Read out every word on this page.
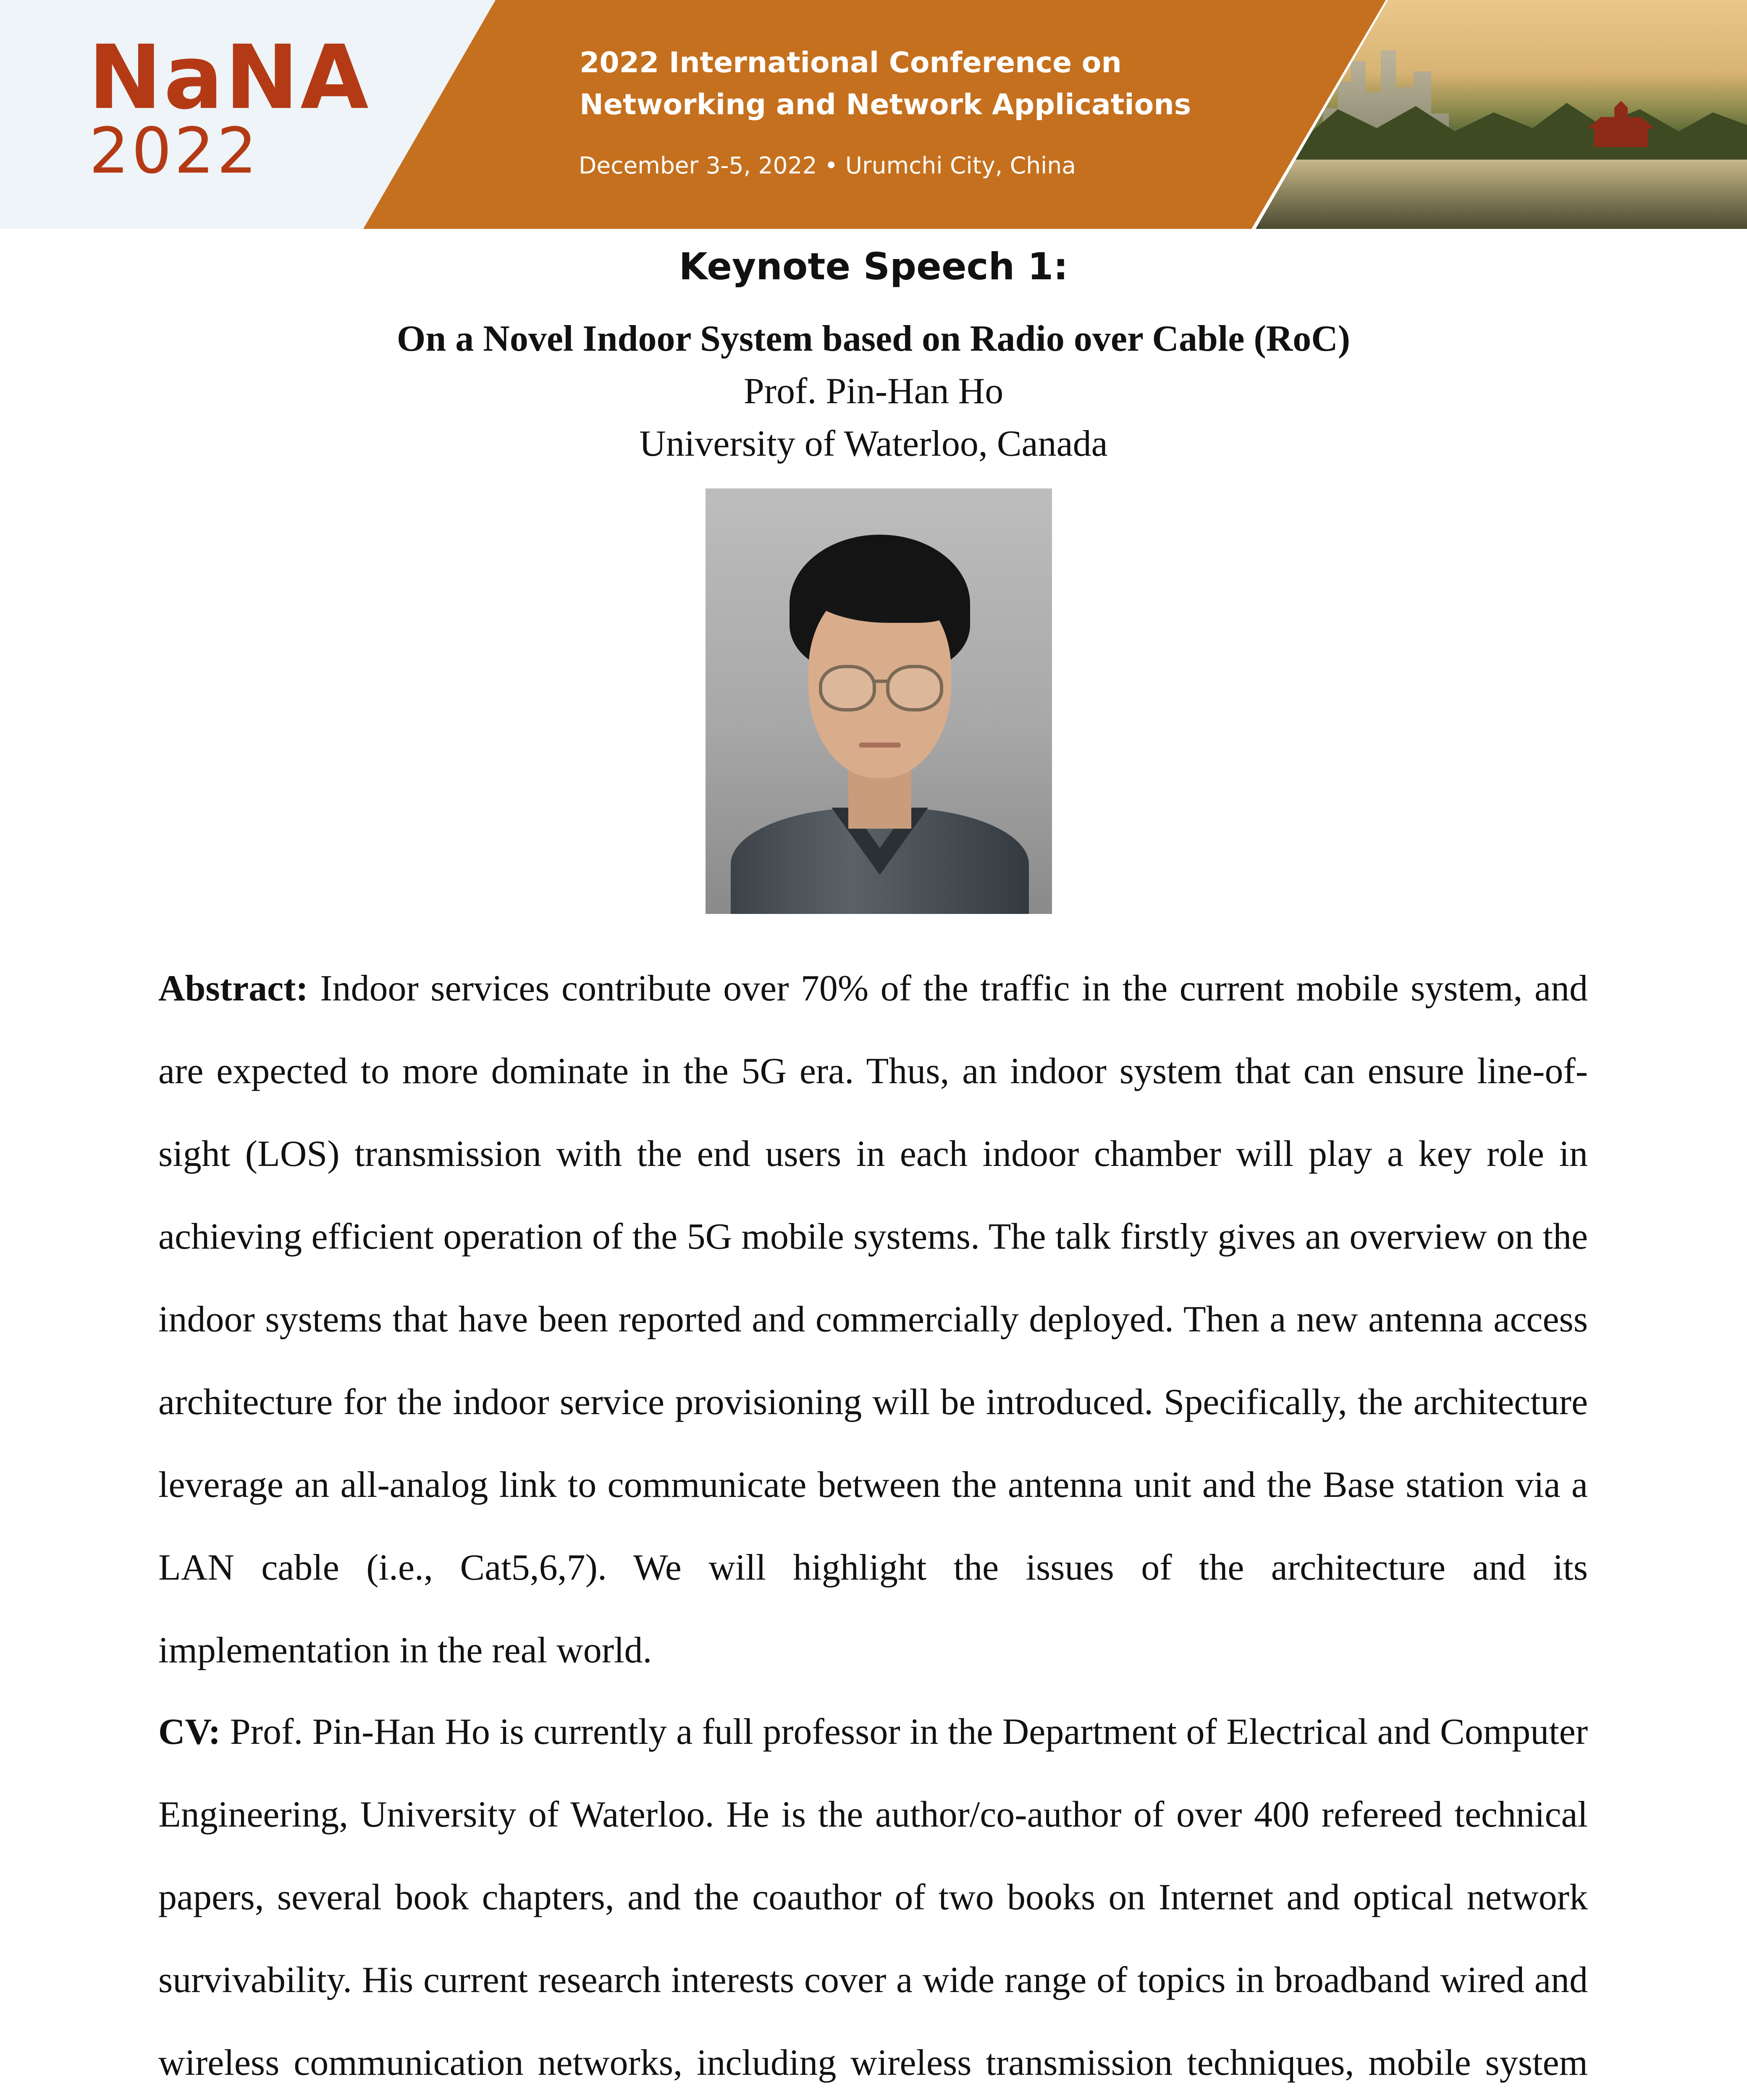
NaNA
2022
2022 International Conference on
Networking and Network Applications
December 3-5, 2022 • Urumchi City, China
Keynote Speech 1:
On a Novel Indoor System based on Radio over Cable (RoC)
Prof. Pin-Han Ho
University of Waterloo, Canada

Abstract: Indoor services contribute over 70% of the traffic in the current mobile system, and are expected to more dominate in the 5G era. Thus, an indoor system that can ensure line-of-sight (LOS) transmission with the end users in each indoor chamber will play a key role in achieving efficient operation of the 5G mobile systems. The talk firstly gives an overview on the indoor systems that have been reported and commercially deployed. Then a new antenna access architecture for the indoor service provisioning will be introduced. Specifically, the architecture leverage an all-analog link to communicate between the antenna unit and the Base station via a LAN cable (i.e., Cat5,6,7). We will highlight the issues of the architecture and its implementation in the real world.

CV: Prof. Pin-Han Ho is currently a full professor in the Department of Electrical and Computer Engineering, University of Waterloo. He is the author/co-author of over 400 refereed technical papers, several book chapters, and the coauthor of two books on Internet and optical network survivability. His current research interests cover a wide range of topics in broadband wired and wireless communication networks, including wireless transmission techniques, mobile system
